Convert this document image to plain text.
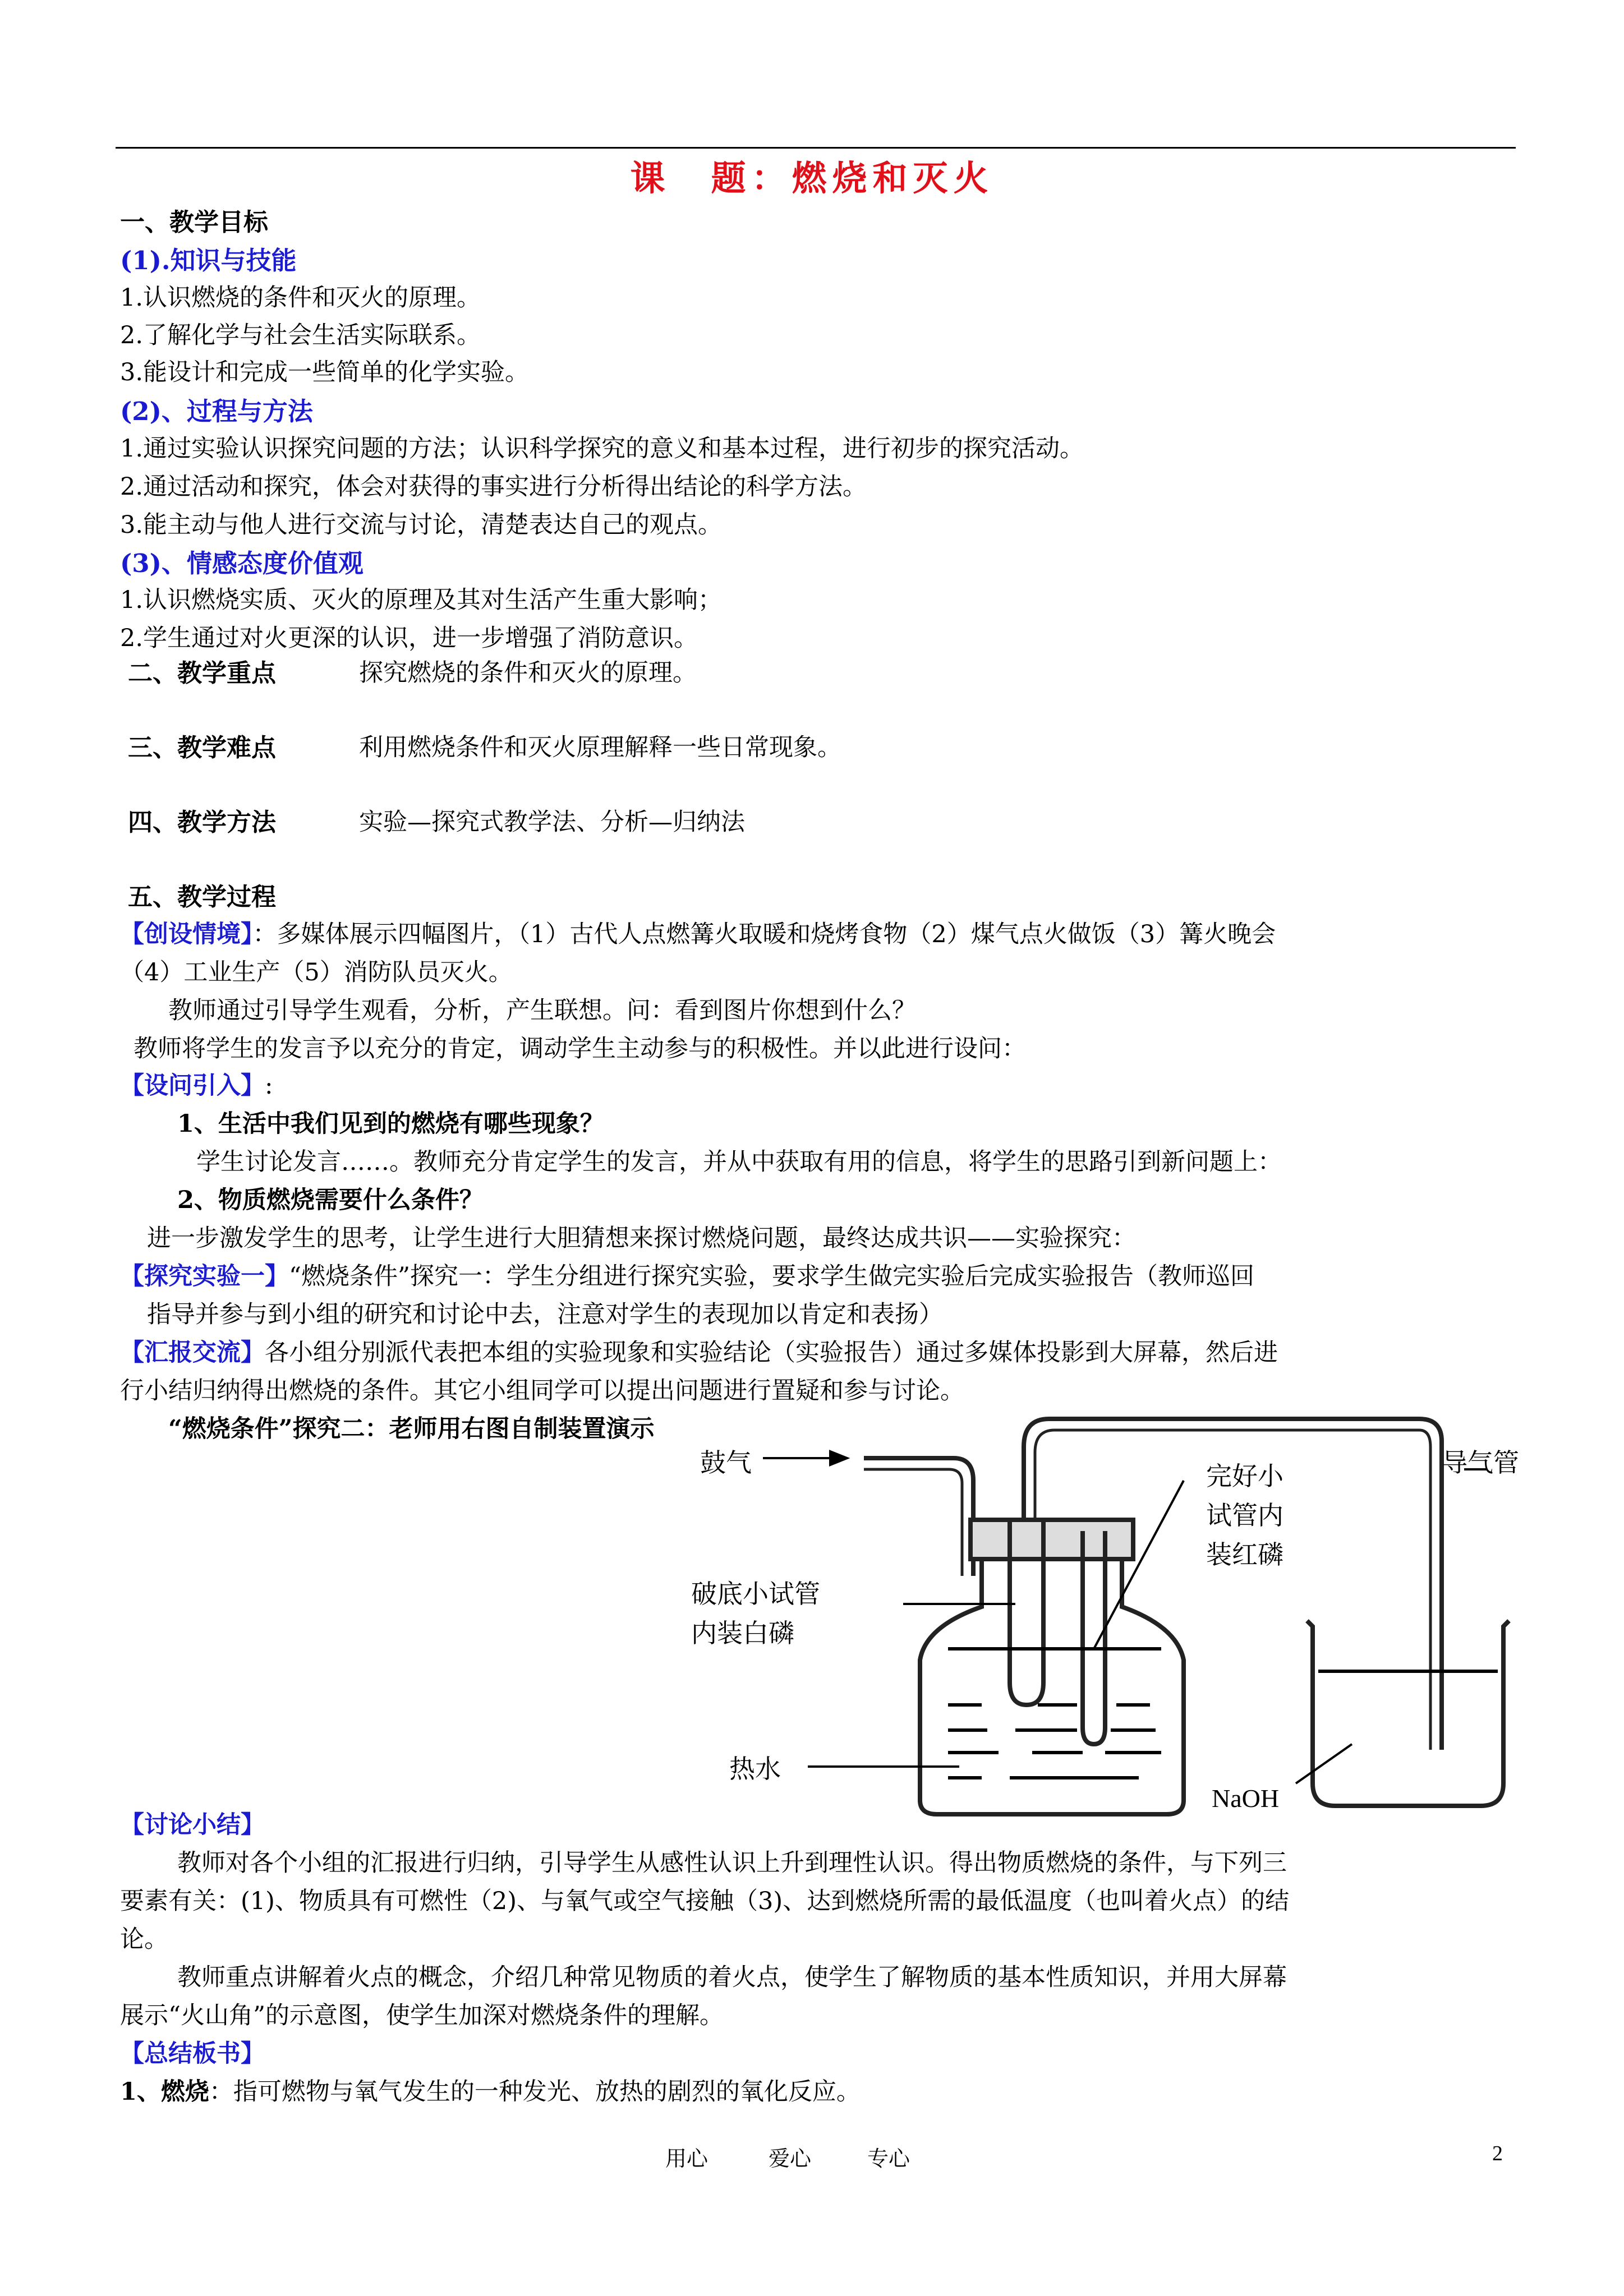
课　题：燃烧和灭火
一、教学目标
(1).知识与技能
1.认识燃烧的条件和灭火的原理。
2.了解化学与社会生活实际联系。
3.能设计和完成一些简单的化学实验。
(2)、过程与方法
1.通过实验认识探究问题的方法；认识科学探究的意义和基本过程，进行初步的探究活动。
2.通过活动和探究，体会对获得的事实进行分析得出结论的科学方法。
3.能主动与他人进行交流与讨论，清楚表达自己的观点。
(3)、情感态度价值观
1.认识燃烧实质、灭火的原理及其对生活产生重大影响；
2.学生通过对火更深的认识，进一步增强了消防意识。
二、教学重点	探究燃烧的条件和灭火的原理。
三、教学难点	利用燃烧条件和灭火原理解释一些日常现象。
四、教学方法	实验—探究式教学法、分析—归纳法
五、教学过程
【创设情境】：多媒体展示四幅图片，（1）古代人点燃篝火取暖和烧烤食物（2）煤气点火做饭（3）篝火晚会
（4）工业生产（5）消防队员灭火。
教师通过引导学生观看，分析，产生联想。问：看到图片你想到什么？
教师将学生的发言予以充分的肯定，调动学生主动参与的积极性。并以此进行设问：
【设问引入】:
1、生活中我们见到的燃烧有哪些现象？
学生讨论发言……。教师充分肯定学生的发言，并从中获取有用的信息，将学生的思路引到新问题上：
2、物质燃烧需要什么条件？
进一步激发学生的思考，让学生进行大胆猜想来探讨燃烧问题，最终达成共识——实验探究：
【探究实验一】“燃烧条件”探究一：学生分组进行探究实验，要求学生做完实验后完成实验报告（教师巡回
指导并参与到小组的研究和讨论中去，注意对学生的表现加以肯定和表扬）
【汇报交流】各小组分别派代表把本组的实验现象和实验结论（实验报告）通过多媒体投影到大屏幕，然后进
行小结归纳得出燃烧的条件。其它小组同学可以提出问题进行置疑和参与讨论。
“燃烧条件”探究二：老师用右图自制装置演示
鼓气	导气管
完好小
试管内
装红磷
破底小试管
内装白磷
热水
NaOH
【讨论小结】
教师对各个小组的汇报进行归纳，引导学生从感性认识上升到理性认识。得出物质燃烧的条件，与下列三
要素有关：(1)、物质具有可燃性（2)、与氧气或空气接触（3)、达到燃烧所需的最低温度（也叫着火点）的结
论。
教师重点讲解着火点的概念，介绍几种常见物质的着火点，使学生了解物质的基本性质知识，并用大屏幕
展示“火山角”的示意图，使学生加深对燃烧条件的理解。
【总结板书】
1、燃烧：指可燃物与氧气发生的一种发光、放热的剧烈的氧化反应。
用心	爱心	专心	2
